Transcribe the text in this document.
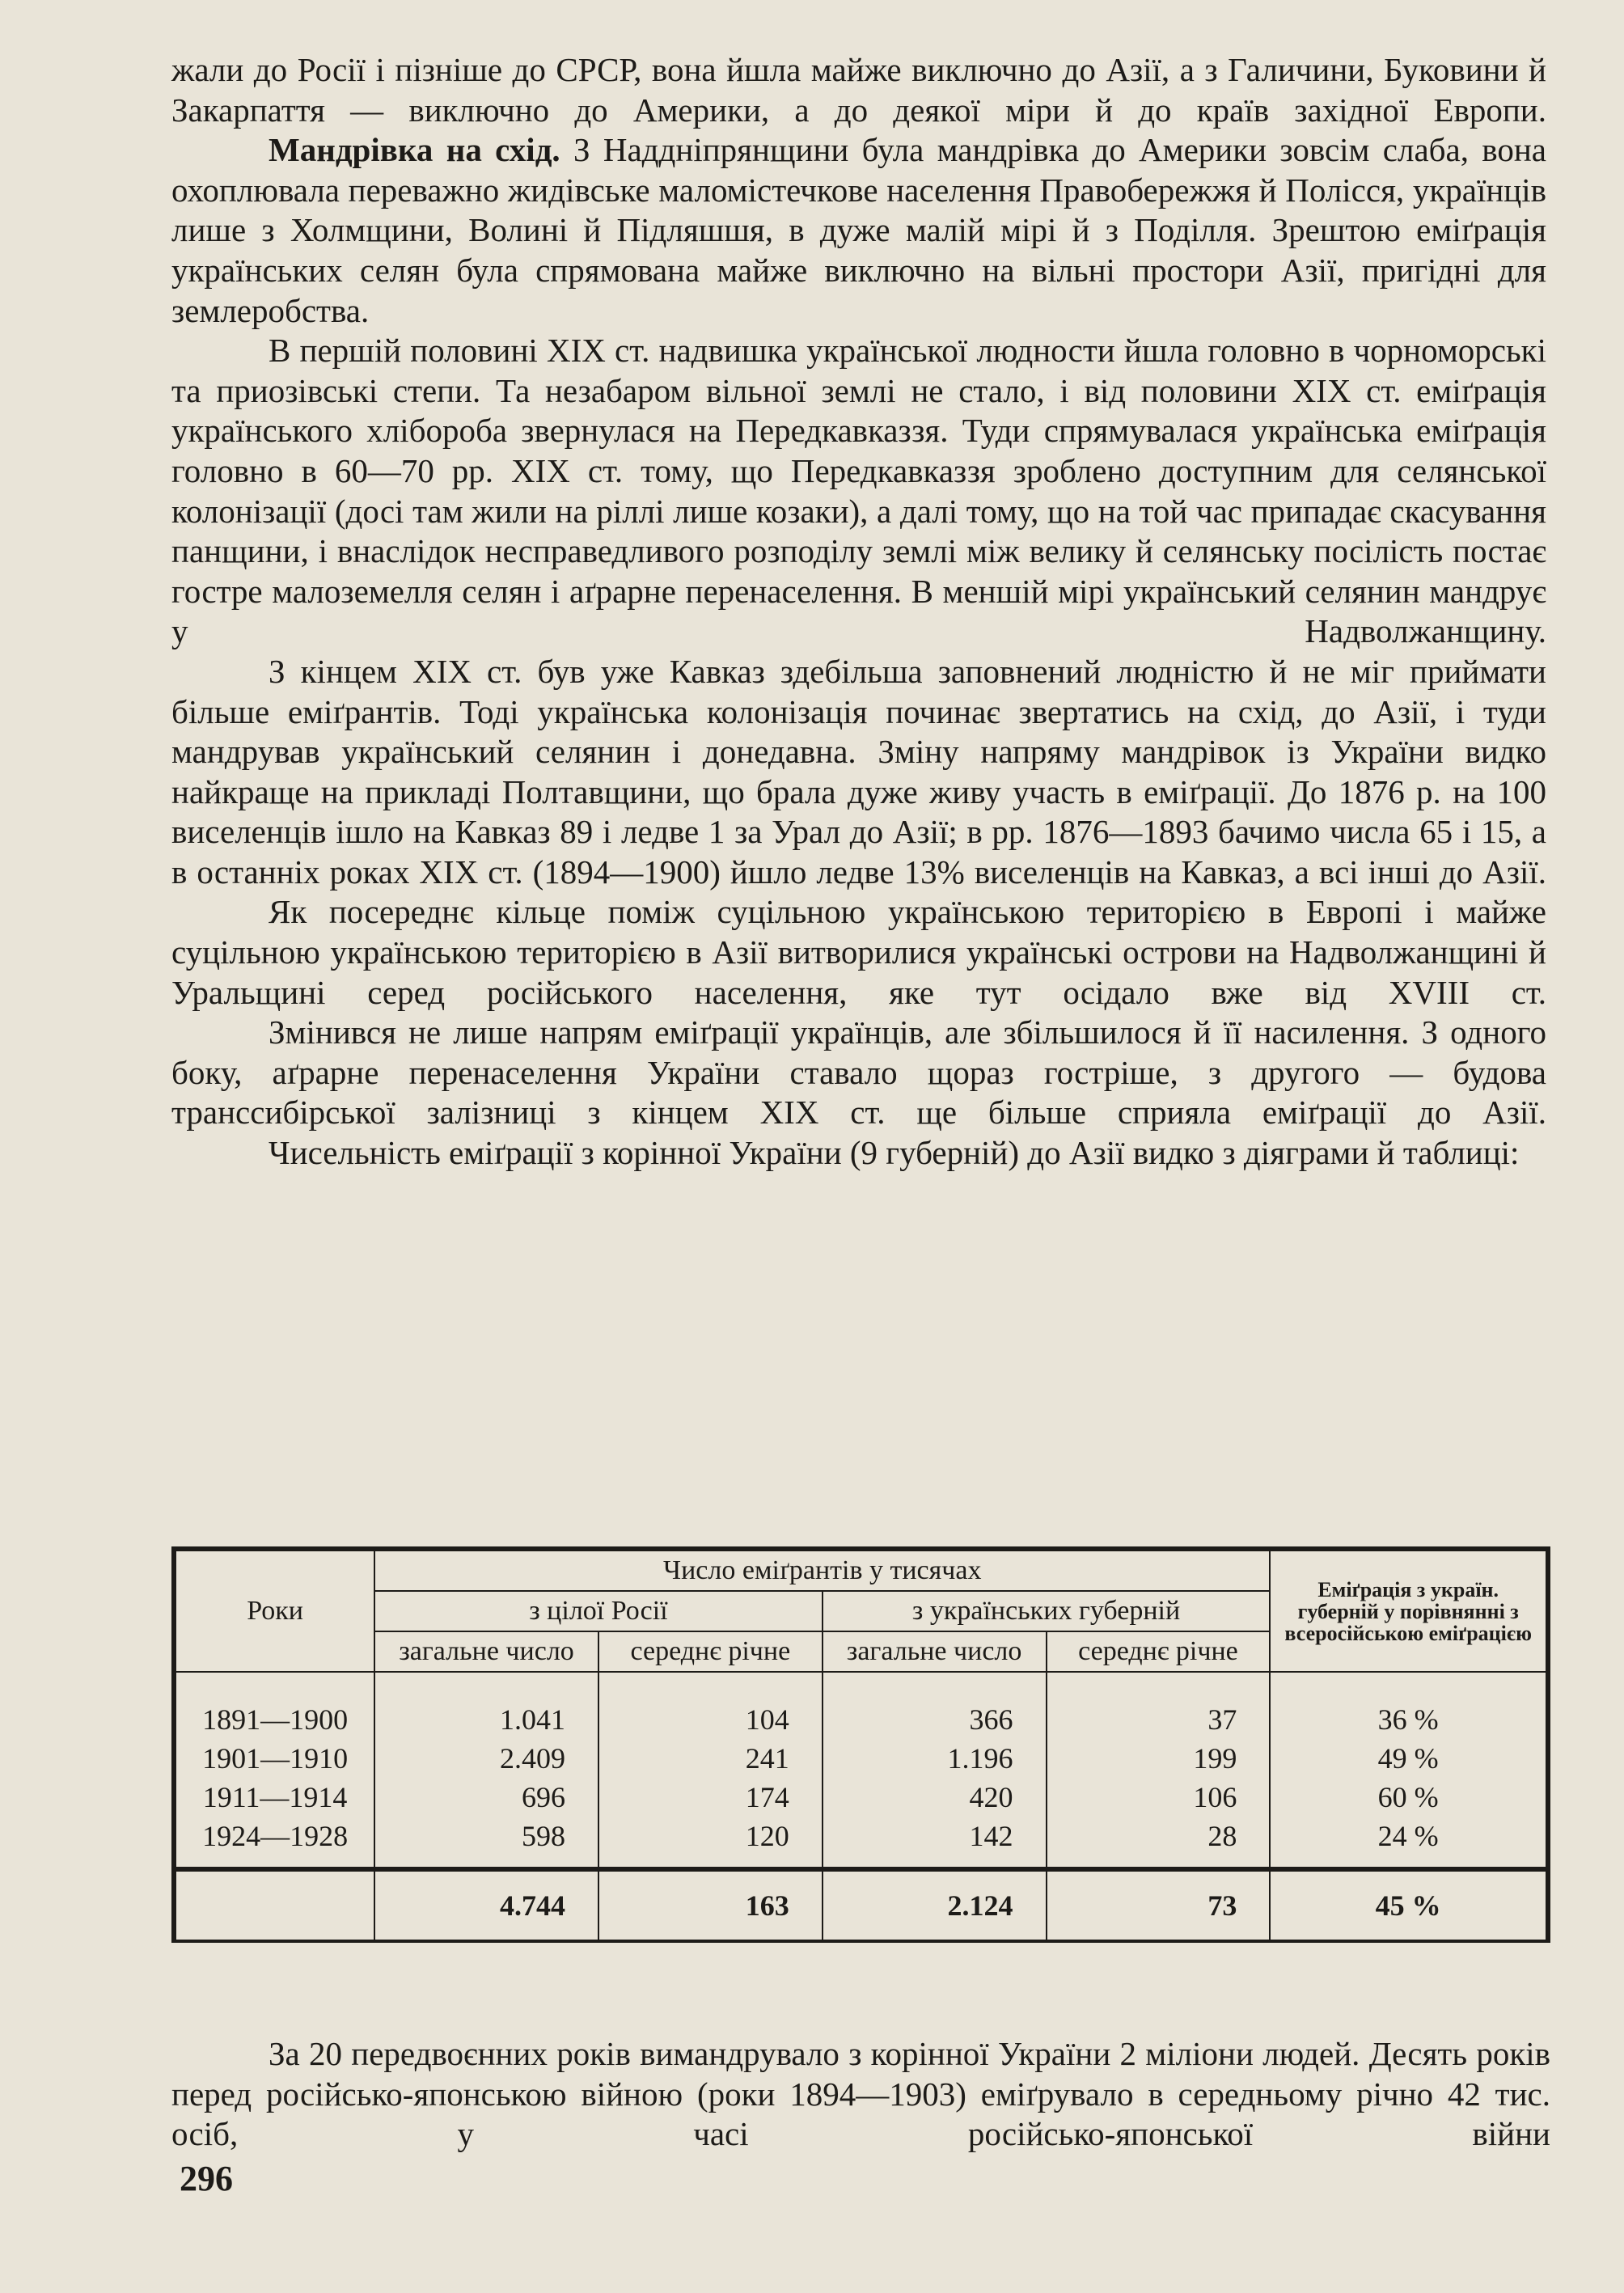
жали до Росії і пізніше до СРСР, вона йшла майже виключно до Азії, а з Галичини, Буковини й Закарпаття — виключно до Америки, а до деякої міри й до країв західної Европи.

Мандрівка на схід. З Наддніпрянщини була мандрівка до Америки зовсім слаба, вона охоплювала переважно жидівське маломістечкове населення Правобережжя й Полісся, українців лише з Холмщини, Волині й Підляшшя, в дуже малій мірі й з Поділля. Зрештою еміґрація українських селян була спрямована майже виключно на вільні простори Азії, пригідні для землеробства.

В першій половині XIX ст. надвишка української людности йшла головно в чорноморські та приозівські степи. Та незабаром вільної землі не стало, і від половини XIX ст. еміґрація українського хлібороба звернулася на Передкавказзя. Туди спрямувалася українська еміґрація головно в 60—70 рр. XIX ст. тому, що Передкавказзя зроблено доступним для селянської колонізації (досі там жили на ріллі лише козаки), а далі тому, що на той час припадає скасування панщини, і внаслідок несправедливого розподілу землі між велику й селянську посілість постає гостре малоземелля селян і аґрарне перенаселення. В меншій мірі український селянин мандрує у Надволжанщину.

З кінцем XIX ст. був уже Кавказ здебільша заповнений людністю й не міг приймати більше еміґрантів. Тоді українська колонізація починає звертатись на схід, до Азії, і туди мандрував український селянин і донедавна. Зміну напряму мандрівок із України видко найкраще на прикладі Полтавщини, що брала дуже живу участь в еміґрації. До 1876 р. на 100 виселенців ішло на Кавказ 89 і ледве 1 за Урал до Азії; в рр. 1876—1893 бачимо числа 65 і 15, а в останніх роках XIX ст. (1894—1900) йшло ледве 13% виселенців на Кавказ, а всі інші до Азії.

Як посереднє кільце поміж суцільною українською територією в Европі і майже суцільною українською територією в Азії витворилися українські острови на Надволжанщині й Уральщині серед російського населення, яке тут осідало вже від XVIII ст.

Змінився не лише напрям еміґрації українців, але збільшилося й її насилення. З одного боку, аґрарне перенаселення України ставало щораз гостріше, з другого — будова транссибірської залізниці з кінцем XIX ст. ще більше сприяла еміґрації до Азії.

Чисельність еміґрації з корінної України (9 губерній) до Азії видко з діяграми й таблиці:

Роки	Число еміґрантів у тисячах				Еміґрація з україн. губерній у порівнянні з всеросійською еміґрацією
	з цілої Росії		з українських губерній		
	загальне число	середнє річне	загальне число	середнє річне	

1891—1900	1.041	104	366	37	36 %
1901—1910	2.409	241	1.196	199	49 %
1911—1914	696	174	420	106	60 %
1924—1928	598	120	142	28	24 %
	4.744	163	2.124	73	45 %

За 20 передвоєнних років вимандрувало з корінної України 2 міліони людей. Десять років перед російсько-японською війною (роки 1894—1903) еміґрувало в середньому річно 42 тис. осіб, у часі російсько-японської війни

296
